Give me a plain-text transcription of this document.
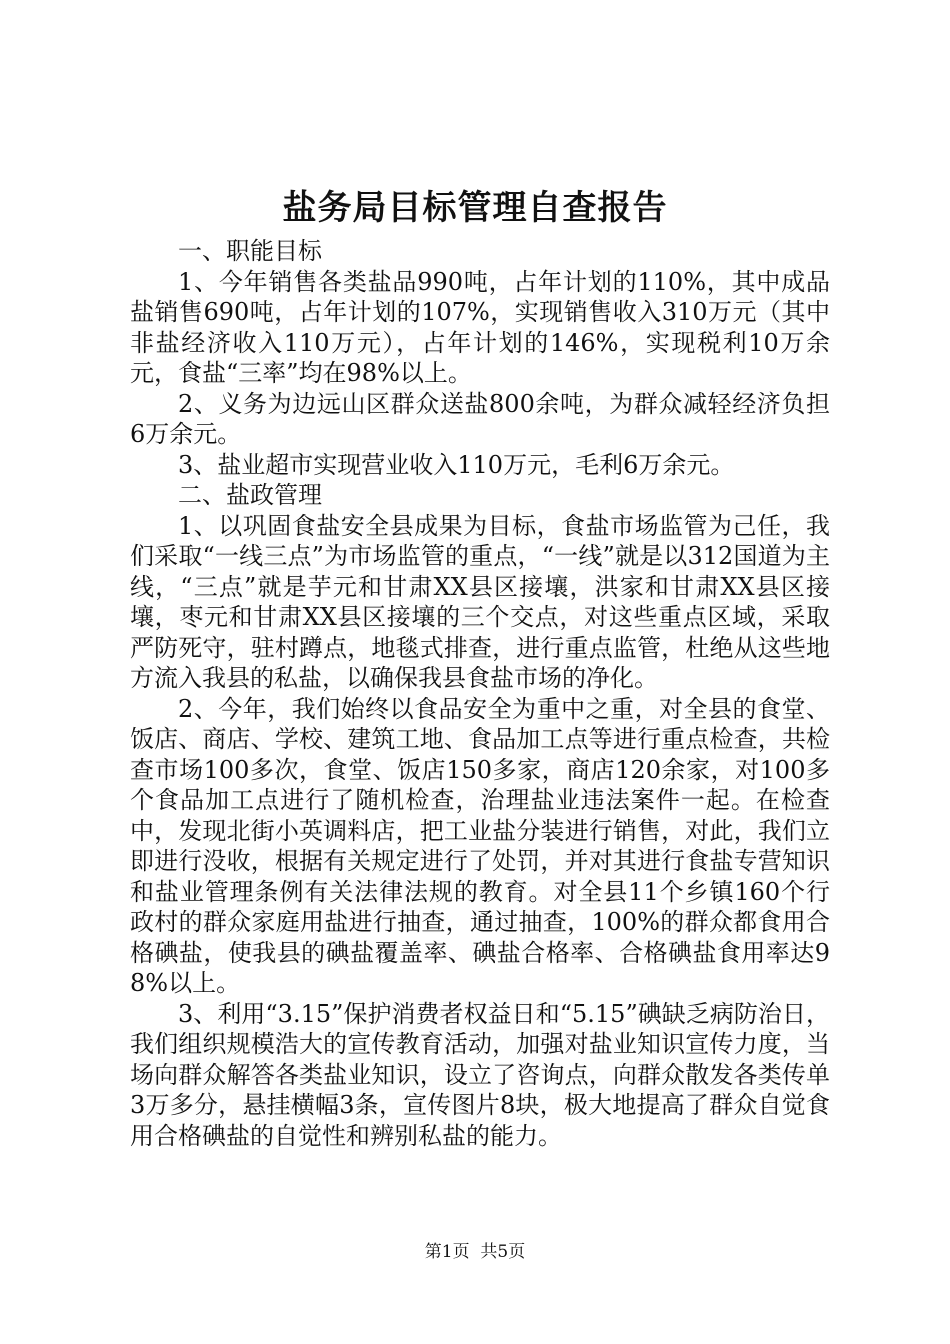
盐务局目标管理自查报告

一、职能目标

1、今年销售各类盐品990吨，占年计划的110%，其中成品盐销售690吨，占年计划的107%，实现销售收入310万元（其中非盐经济收入110万元），占年计划的146%，实现税利10万余元，食盐“三率”均在98%以上。

2、义务为边远山区群众送盐800余吨，为群众减轻经济负担6万余元。

3、盐业超市实现营业收入110万元，毛利6万余元。

二、盐政管理

1、以巩固食盐安全县成果为目标，食盐市场监管为己任，我们采取“一线三点”为市场监管的重点，“一线”就是以312国道为主线，“三点”就是芋元和甘肃XX县区接壤，洪家和甘肃XX县区接壤，枣元和甘肃XX县区接壤的三个交点，对这些重点区域，采取严防死守，驻村蹲点，地毯式排查，进行重点监管，杜绝从这些地方流入我县的私盐，以确保我县食盐市场的净化。

2、今年，我们始终以食品安全为重中之重，对全县的食堂、饭店、商店、学校、建筑工地、食品加工点等进行重点检查，共检查市场100多次，食堂、饭店150多家，商店120余家，对100多个食品加工点进行了随机检查，治理盐业违法案件一起。在检查中，发现北街小英调料店，把工业盐分装进行销售，对此，我们立即进行没收，根据有关规定进行了处罚，并对其进行食盐专营知识和盐业管理条例有关法律法规的教育。对全县11个乡镇160个行政村的群众家庭用盐进行抽查，通过抽查，100%的群众都食用合格碘盐，使我县的碘盐覆盖率、碘盐合格率、合格碘盐食用率达98%以上。

3、利用“3.15”保护消费者权益日和“5.15”碘缺乏病防治日，我们组织规模浩大的宣传教育活动，加强对盐业知识宣传力度，当场向群众解答各类盐业知识，设立了咨询点，向群众散发各类传单3万多分，悬挂横幅3条，宣传图片8块，极大地提高了群众自觉食用合格碘盐的自觉性和辨别私盐的能力。

第1页 共5页
